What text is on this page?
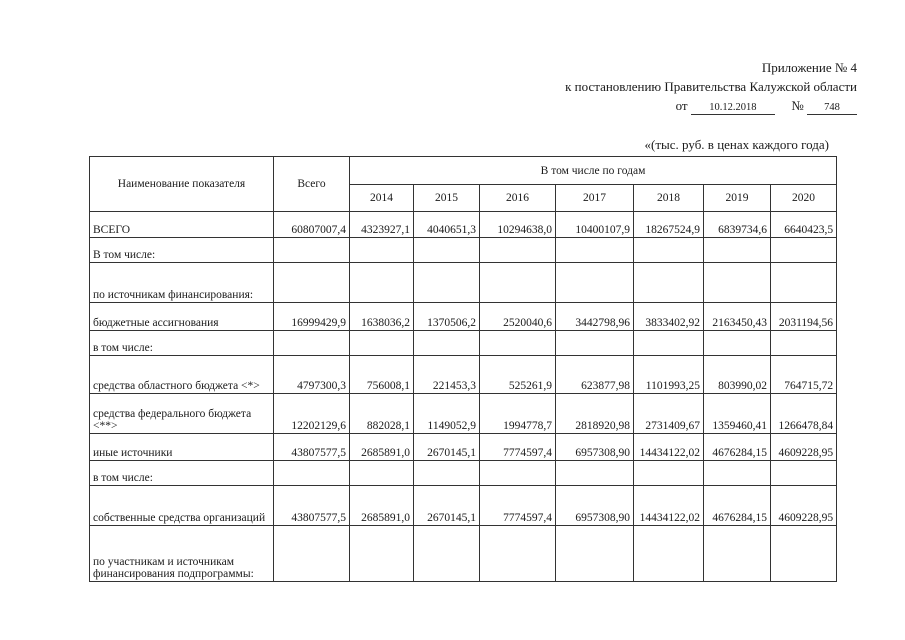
Приложение № 4
к постановлению Правительства Калужской области
от 10.12.2018	№ 748
«(тыс. руб. в ценах каждого года)
Наименование показателя	Всего	В том числе по годам						
		2014	2015	2016	2017	2018	2019	2020
ВСЕГО	60807007,4	4323927,1	4040651,3	10294638,0	10400107,9	18267524,9	6839734,6	6640423,5
В том числе:								
по источникам финансирования:								
бюджетные ассигнования	16999429,9	1638036,2	1370506,2	2520040,6	3442798,96	3833402,92	2163450,43	2031194,56
в том числе:								
средства областного бюджета <*>	4797300,3	756008,1	221453,3	525261,9	623877,98	1101993,25	803990,02	764715,72
средства федерального бюджета <**>	12202129,6	882028,1	1149052,9	1994778,7	2818920,98	2731409,67	1359460,41	1266478,84
иные источники	43807577,5	2685891,0	2670145,1	7774597,4	6957308,90	14434122,02	4676284,15	4609228,95
в том числе:								
собственные средства организаций	43807577,5	2685891,0	2670145,1	7774597,4	6957308,90	14434122,02	4676284,15	4609228,95
по участникам и источникам финансирования подпрограммы:								
